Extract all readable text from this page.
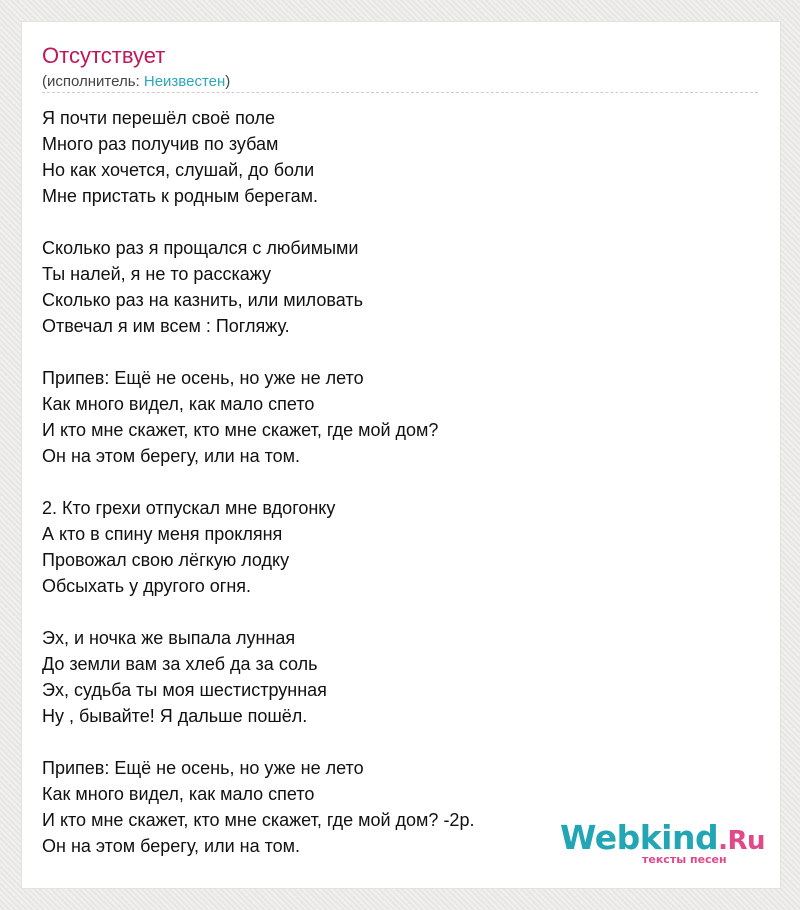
Отсутствует
(исполнитель: Неизвестен)
Я почти перешёл своё поле
Много раз получив по зубам
Но как хочется, слушай, до боли
Мне пристать к родным берегам.
Сколько раз я прощался с любимыми
Ты налей, я не то расскажу
Сколько раз на казнить, или миловать
Отвечал я им всем : Погляжу.
Припев: Ещё не осень, но уже не лето
Как много видел, как мало спето
И кто мне скажет, кто мне скажет, где мой дом?
Он на этом берегу, или на том.
2. Кто грехи отпускал мне вдогонку
А кто в спину меня прокляня
Провожал свою лёгкую лодку
Обсыхать у другого огня.
Эх, и ночка же выпала лунная
До земли вам за хлеб да за соль
Эх, судьба ты моя шестиструнная
Ну , бывайте! Я дальше пошёл.
Припев: Ещё не осень, но уже не лето
Как много видел, как мало спето
И кто мне скажет, кто мне скажет, где мой дом? -2р.
Он на этом берегу, или на том.	Webkind.Ru
тексты песен
